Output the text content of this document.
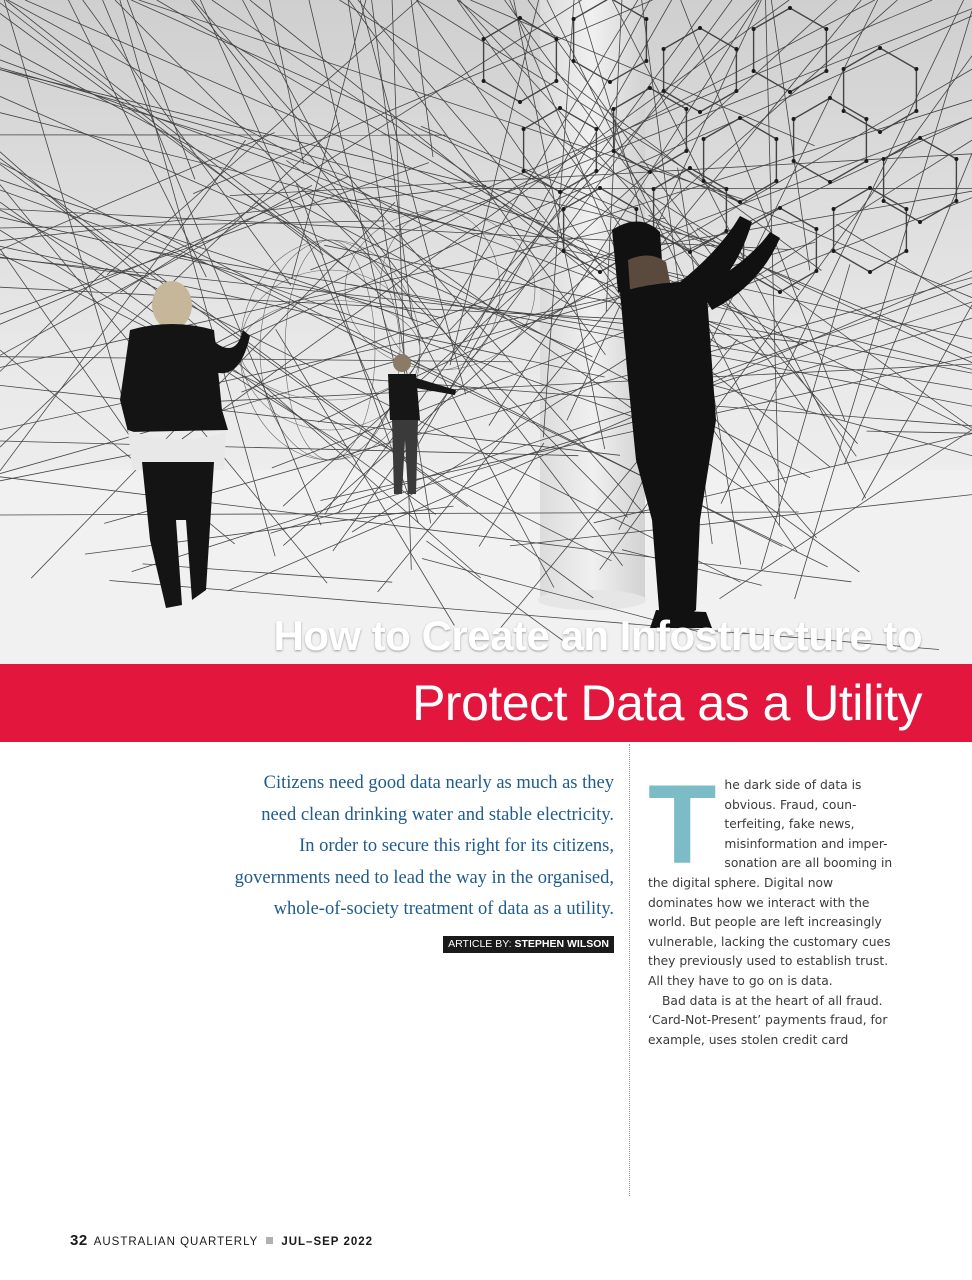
How to Create an Infostructure to
Protect Data as a Utility
Citizens need good data nearly as much as they
need clean drinking water and stable electricity.
In order to secure this right for its citizens,
governments need to lead the way in the organised,
whole-of-society treatment of data as a utility.
ARTICLE BY: STEPHEN WILSON

The dark side of data is obvious. Fraud, coun-terfeiting, fake news, misinformation and imper-sonation are all booming in the digital sphere. Digital now dominates how we interact with the world. But people are left increasingly vulnerable, lacking the customary cues they previously used to establish trust. All they have to go on is data.

Bad data is at the heart of all fraud. ‘Card-Not-Present’ payments fraud, for example, uses stolen credit card

32 AUSTRALIAN QUARTERLY JUL–SEP 2022
